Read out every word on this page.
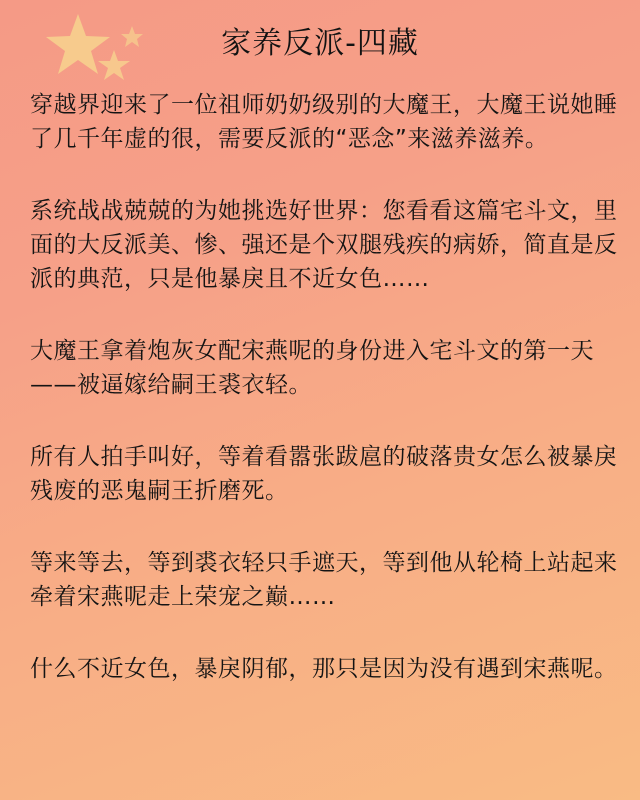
家养反派-四藏

穿越界迎来了一位祖师奶奶级别的大魔王，大魔王说她睡了几千年虚的很，需要反派的“恶念”来滋养滋养。

系统战战兢兢的为她挑选好世界：您看看这篇宅斗文，里面的大反派美、惨、强还是个双腿残疾的病娇，简直是反派的典范，只是他暴戾且不近女色……

大魔王拿着炮灰女配宋燕呢的身份进入宅斗文的第一天——被逼嫁给嗣王裘衣轻。

所有人拍手叫好，等着看嚣张跋扈的破落贵女怎么被暴戾残废的恶鬼嗣王折磨死。

等来等去，等到裘衣轻只手遮天，等到他从轮椅上站起来牵着宋燕呢走上荣宠之巅……

什么不近女色，暴戾阴郁，那只是因为没有遇到宋燕呢。
